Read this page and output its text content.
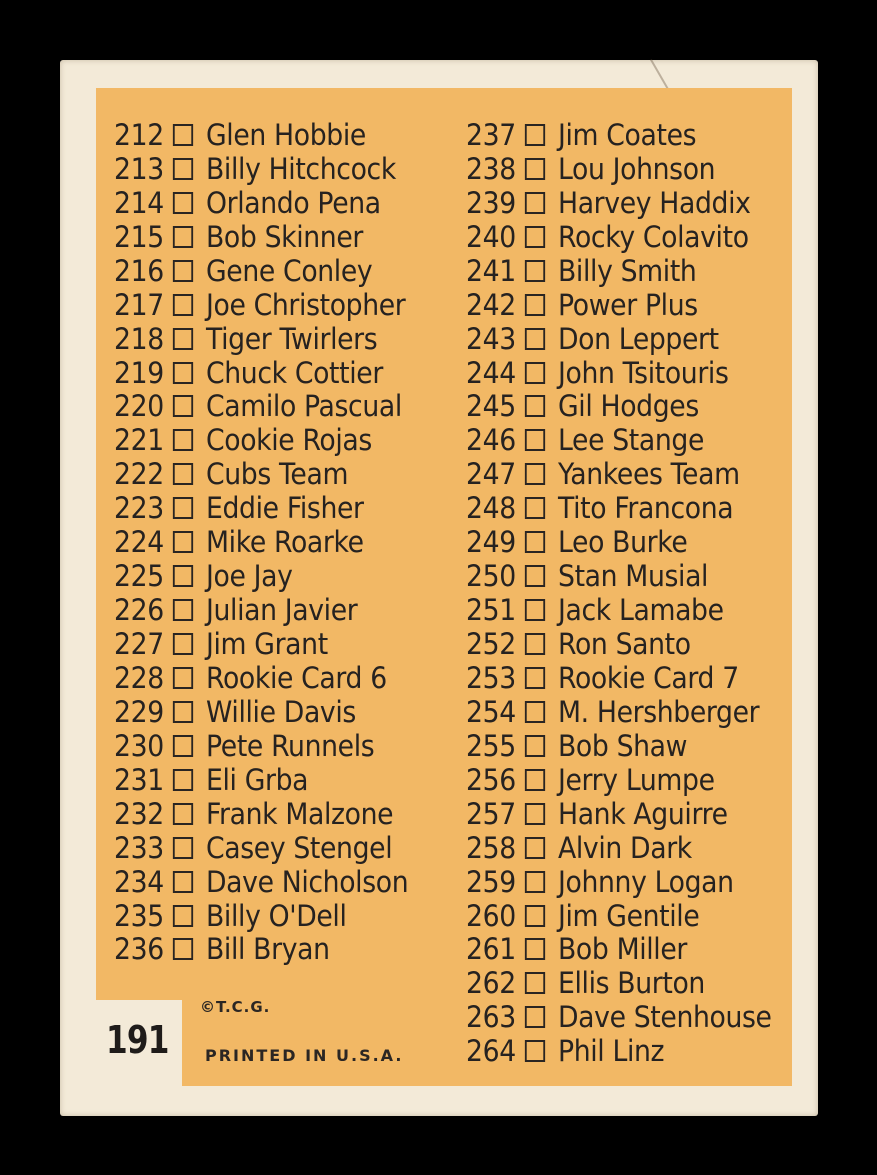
212 Glen Hobbie
213 Billy Hitchcock
214 Orlando Pena
215 Bob Skinner
216 Gene Conley
217 Joe Christopher
218 Tiger Twirlers
219 Chuck Cottier
220 Camilo Pascual
221 Cookie Rojas
222 Cubs Team
223 Eddie Fisher
224 Mike Roarke
225 Joe Jay
226 Julian Javier
227 Jim Grant
228 Rookie Card 6
229 Willie Davis
230 Pete Runnels
231 Eli Grba
232 Frank Malzone
233 Casey Stengel
234 Dave Nicholson
235 Billy O'Dell
236 Bill Bryan
237 Jim Coates
238 Lou Johnson
239 Harvey Haddix
240 Rocky Colavito
241 Billy Smith
242 Power Plus
243 Don Leppert
244 John Tsitouris
245 Gil Hodges
246 Lee Stange
247 Yankees Team
248 Tito Francona
249 Leo Burke
250 Stan Musial
251 Jack Lamabe
252 Ron Santo
253 Rookie Card 7
254 M. Hershberger
255 Bob Shaw
256 Jerry Lumpe
257 Hank Aguirre
258 Alvin Dark
259 Johnny Logan
260 Jim Gentile
261 Bob Miller
262 Ellis Burton
263 Dave Stenhouse
264 Phil Linz
191
©T.C.G.
PRINTED IN U.S.A.
